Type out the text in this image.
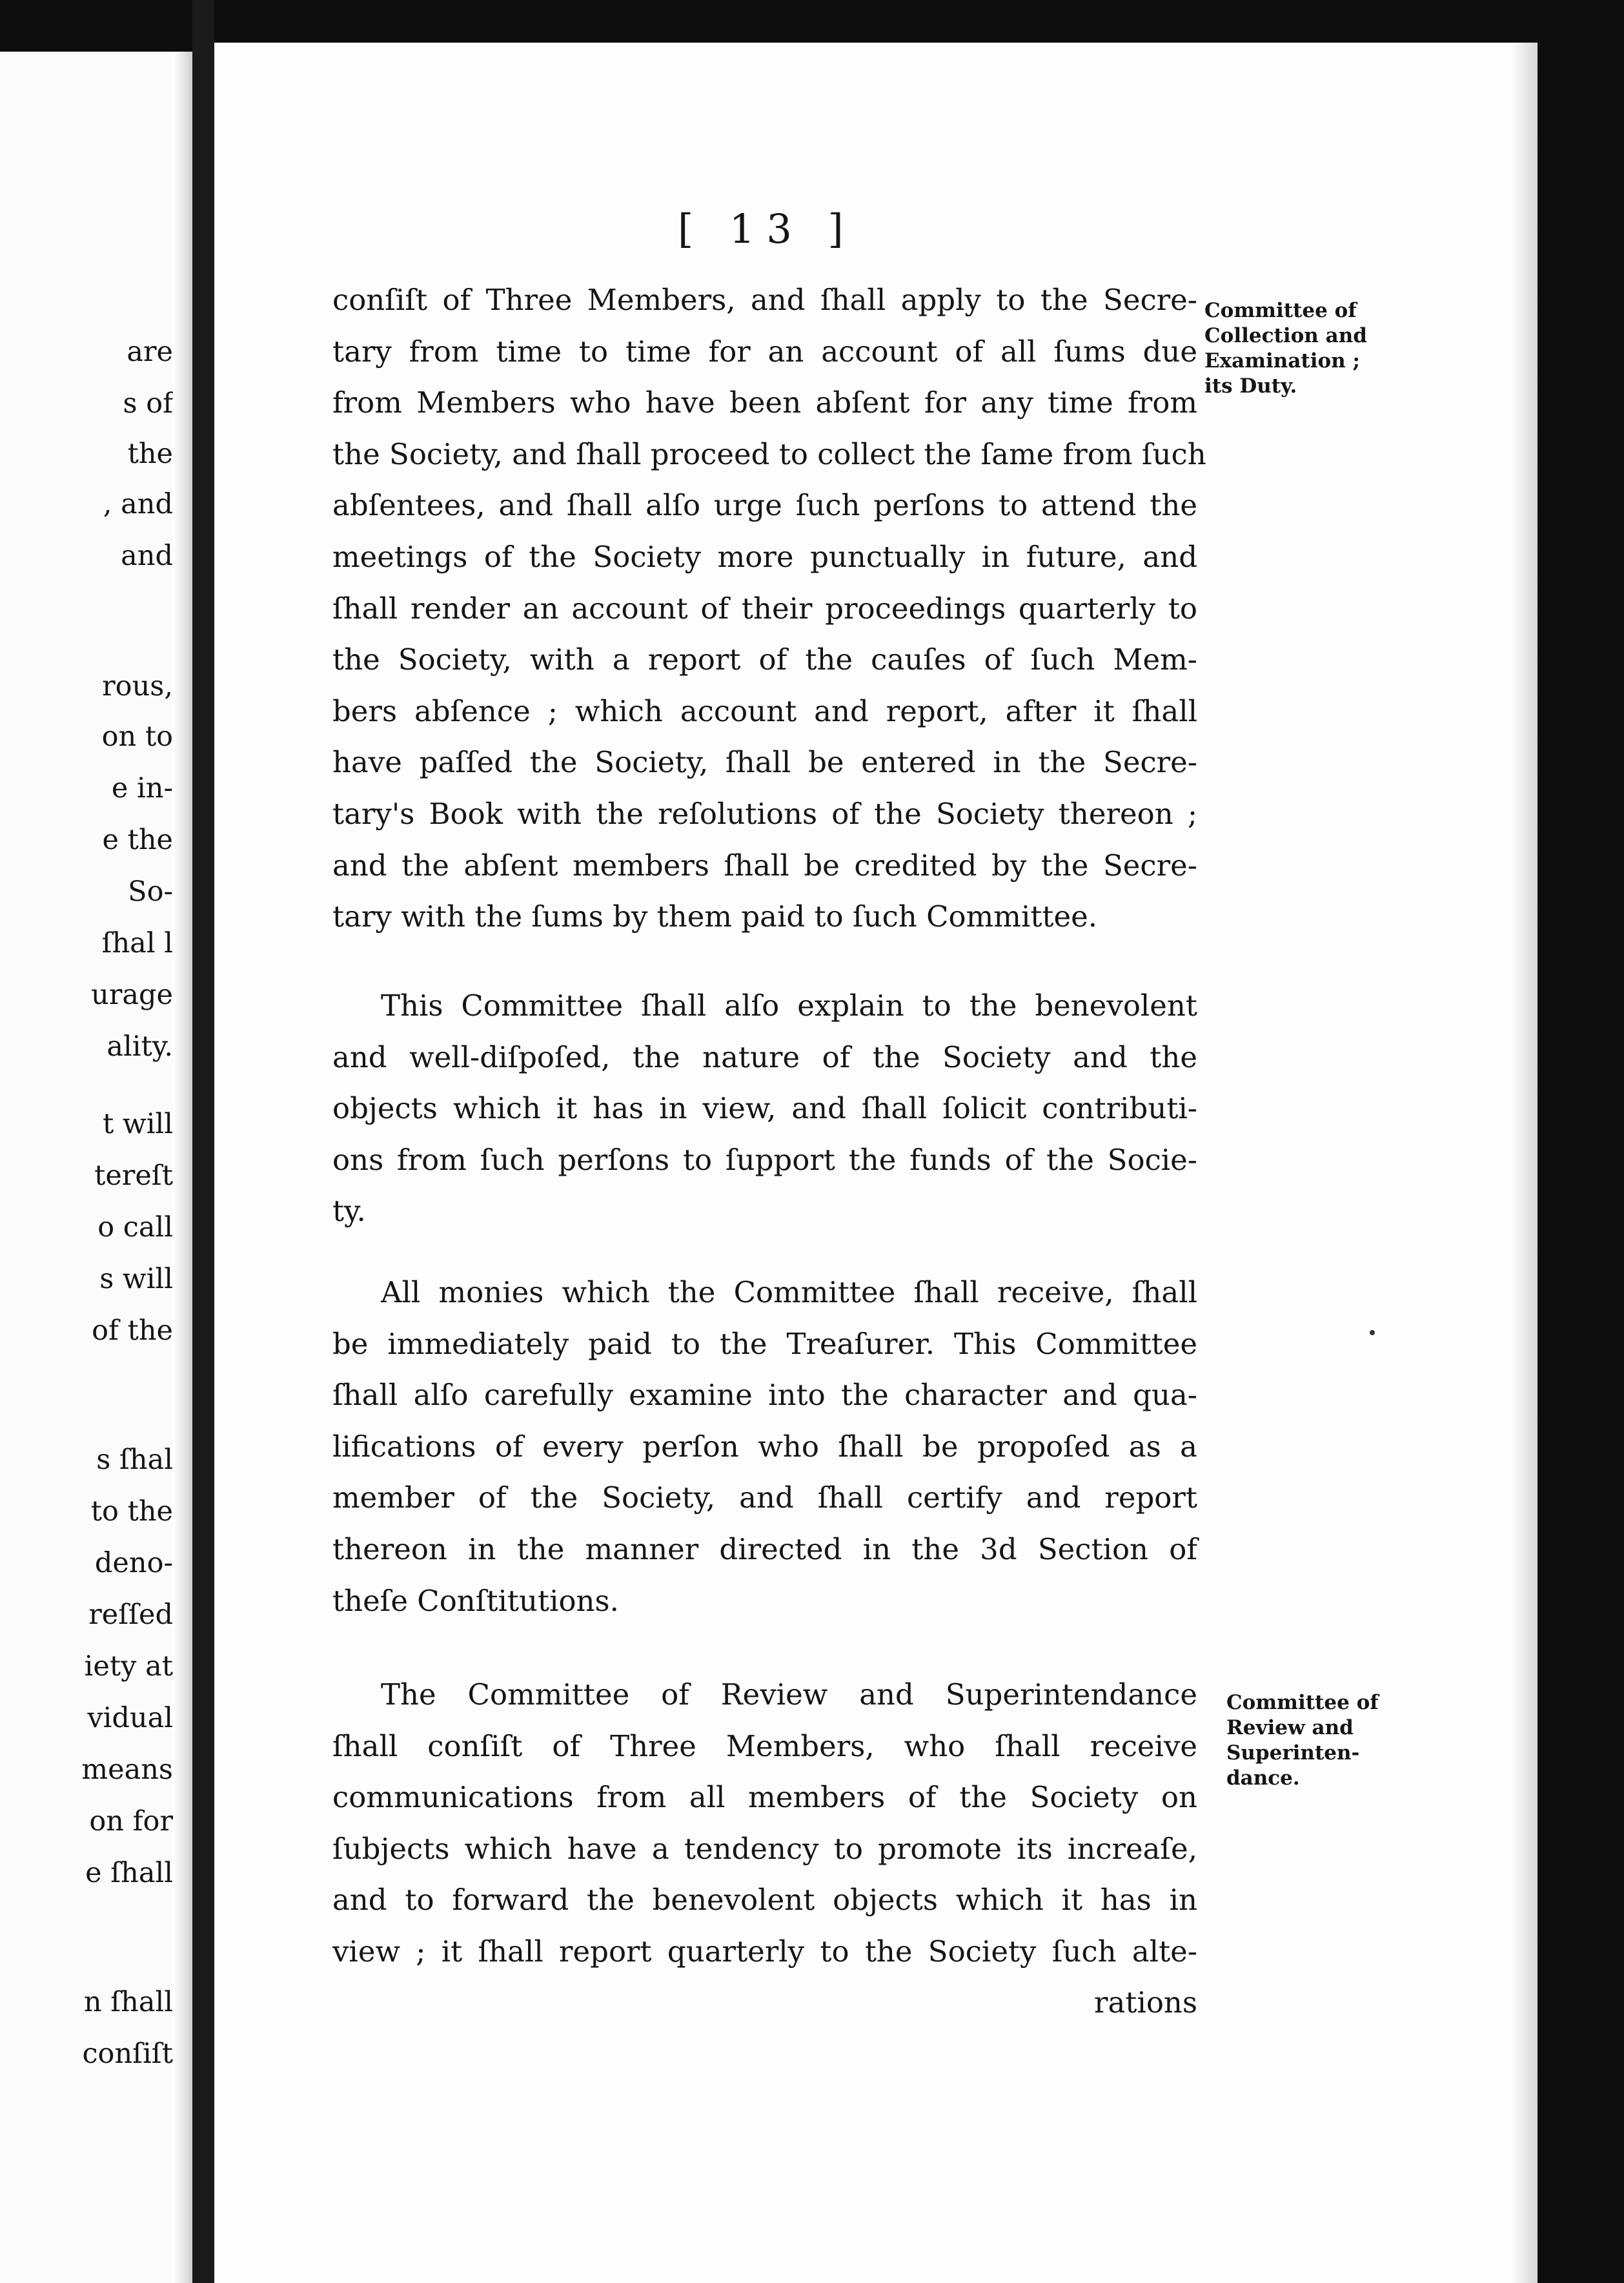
are
s of
the
, and
and
rous,
on to
e in-
e the
So-
ſhal l
urage
ality.
t will
tereſt
o call
s will
of the
s ſhal
to the
deno-
reſſed
iety at
vidual
means
on for
e ſhall
n ſhall
conſiſt
[ 13 ]
conſiſt of Three Members, and ſhall apply to the Secre-
tary from time to time for an account of all ſums due
from Members who have been abſent for any time from
the Society, and ſhall proceed to collect the ſame from ſuch
abſentees, and ſhall alſo urge ſuch perſons to attend the
meetings of the Society more punctually in future, and
ſhall render an account of their proceedings quarterly to
the Society, with a report of the cauſes of ſuch Mem-
bers abſence ; which account and report, after it ſhall
have paſſed the Society, ſhall be entered in the Secre-
tary's Book with the reſolutions of the Society thereon ;
and the abſent members ſhall be credited by the Secre-
tary with the ſums by them paid to ſuch Committee.
This Committee ſhall alſo explain to the benevolent
and well-diſpoſed, the nature of the Society and the
objects which it has in view, and ſhall ſolicit contributi-
ons from ſuch perſons to ſupport the funds of the Socie-
ty.
All monies which the Committee ſhall receive, ſhall
be immediately paid to the Treaſurer. This Committee
ſhall alſo carefully examine into the character and qua-
lifications of every perſon who ſhall be propoſed as a
member of the Society, and ſhall certify and report
thereon in the manner directed in the 3d Section of
theſe Conſtitutions.
The Committee of Review and Superintendance
ſhall conſiſt of Three Members, who ſhall receive
communications from all members of the Society on
ſubjects which have a tendency to promote its increaſe,
and to forward the benevolent objects which it has in
view ; it ſhall report quarterly to the Society ſuch alte-
rations
Committee of
Collection and
Examination ;
its Duty.
Committee of
Review and
Superinten-
dance.
